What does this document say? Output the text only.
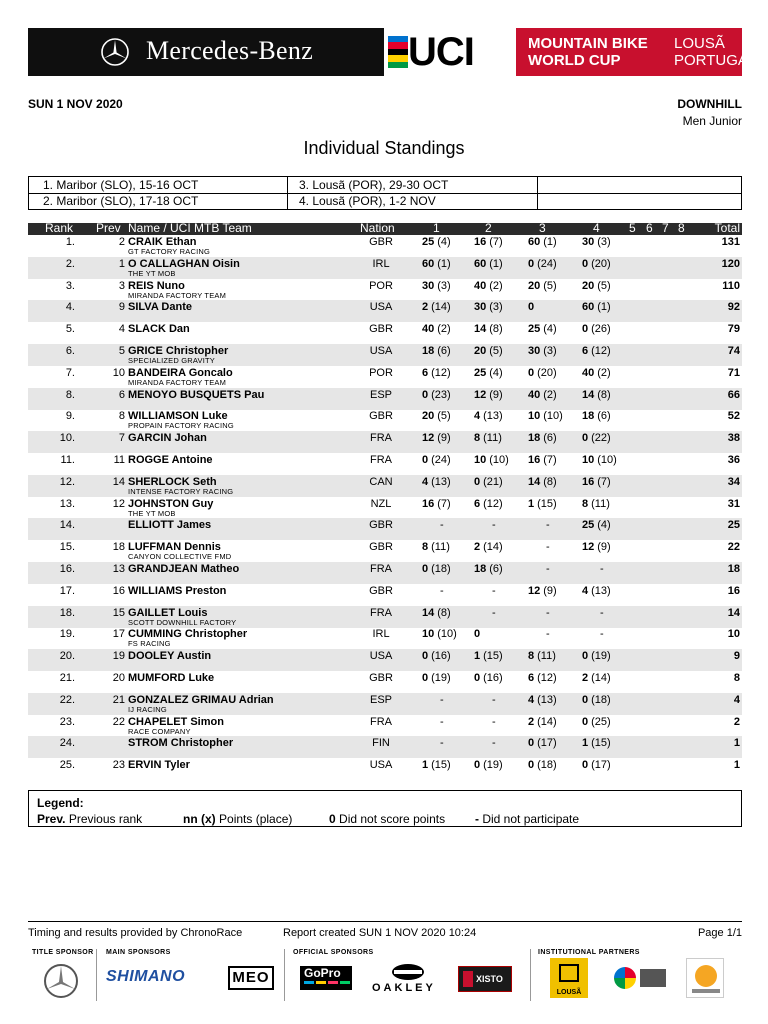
Mercedes-Benz UCI	MOUNTAIN BIKE
WORLD CUP
LOUSÃ
PORTUGAL
SUN 1 NOV 2020	DOWNHILL
Men Junior
Individual Standings
1. Maribor (SLO), 15-16 OCT
2. Maribor (SLO), 17-18 OCT
3. Lousã (POR), 29-30 OCT
4. Lousã (POR), 1-2 NOV
Rank Prev Name / UCI MTB Team	Nation	1	2	3	4 5 6 7 8 Total
1.	2 CRAIK Ethan
GT FACTORY RACING
GBR	25 (4) 16 (7) 60 (1) 30 (3)	131
2.	1 O CALLAGHAN Oisin
THE YT MOB
IRL	60 (1) 60 (1) 0 (24) 0 (20)	120
3.	3 REIS Nuno
MIRANDA FACTORY TEAM
POR	30 (3) 40 (2) 20 (5) 20 (5)	110
4.	9 SILVA Dante	USA	2 (14) 30 (3) 0	60 (1)	92
5.	4 SLACK Dan	GBR	40 (2) 14 (8) 25 (4) 0 (26)	79
6.	5 GRICE Christopher
SPECIALIZED GRAVITY
USA	18 (6) 20 (5) 30 (3) 6 (12)	74
7.	10 BANDEIRA Goncalo
MIRANDA FACTORY TEAM
POR	6 (12) 25 (4) 0 (20) 40 (2)	71
8.	6 MENOYO BUSQUETS Pau	ESP	0 (23) 12 (9) 40 (2) 14 (8)	66
9.	8 WILLIAMSON Luke
PROPAIN FACTORY RACING
GBR	20 (5) 4 (13) 10 (10) 18 (6)	52
10.	7 GARCIN Johan	FRA	12 (9) 8 (11) 18 (6) 0 (22)	38
11.	11 ROGGE Antoine	FRA	0 (24) 10 (10) 16 (7) 10 (10)	36
12.	14 SHERLOCK Seth
INTENSE FACTORY RACING
CAN	4 (13) 0 (21) 14 (8) 16 (7)	34
13.	12 JOHNSTON Guy
THE YT MOB
NZL	16 (7) 6 (12) 1 (15) 8 (11)	31
14.	ELLIOTT James	GBR	-	-	-	25 (4)	25
15.	18 LUFFMAN Dennis
CANYON COLLECTIVE FMD
GBR	8 (11) 2 (14)	-	12 (9)	22
16.	13 GRANDJEAN Matheo	FRA	0 (18) 18 (6)	-	-	18
17.	16 WILLIAMS Preston	GBR	-	-	12 (9) 4 (13)	16
18.	15 GAILLET Louis
SCOTT DOWNHILL FACTORY
FRA	14 (8)	-	-	-	14
19.	17 CUMMING Christopher
FS RACING
IRL	10 (10) 0	-	-	10
20.	19 DOOLEY Austin	USA	0 (16) 1 (15) 8 (11) 0 (19)	9
21.	20 MUMFORD Luke	GBR	0 (19) 0 (16) 6 (12) 2 (14)	8
22.	21 GONZALEZ GRIMAU Adrian
IJ RACING
ESP	-	-	4 (13) 0 (18)	4
23.	22 CHAPELET Simon
RACE COMPANY
FRA	-	-	2 (14) 0 (25)	2
24.	STROM Christopher	FIN	-	-	0 (17) 1 (15)	1
25.	23 ERVIN Tyler	USA	1 (15) 0 (19) 0 (18) 0 (17)	1
Legend:
Prev. Previous rank	nn (x) Points (place)	0 Did not score points - Did not participate
Timing and results provided by ChronoRace	Report created SUN 1 NOV 2020 10:24	Page 1/1
TITLE SPONSOR MAIN SPONSORS	OFFICIAL SPONSORS	INSTITUTIONAL PARTNERS
SHIMANO	MEO	GoPro
OAKLEY
XISTO
LOUSÃ
